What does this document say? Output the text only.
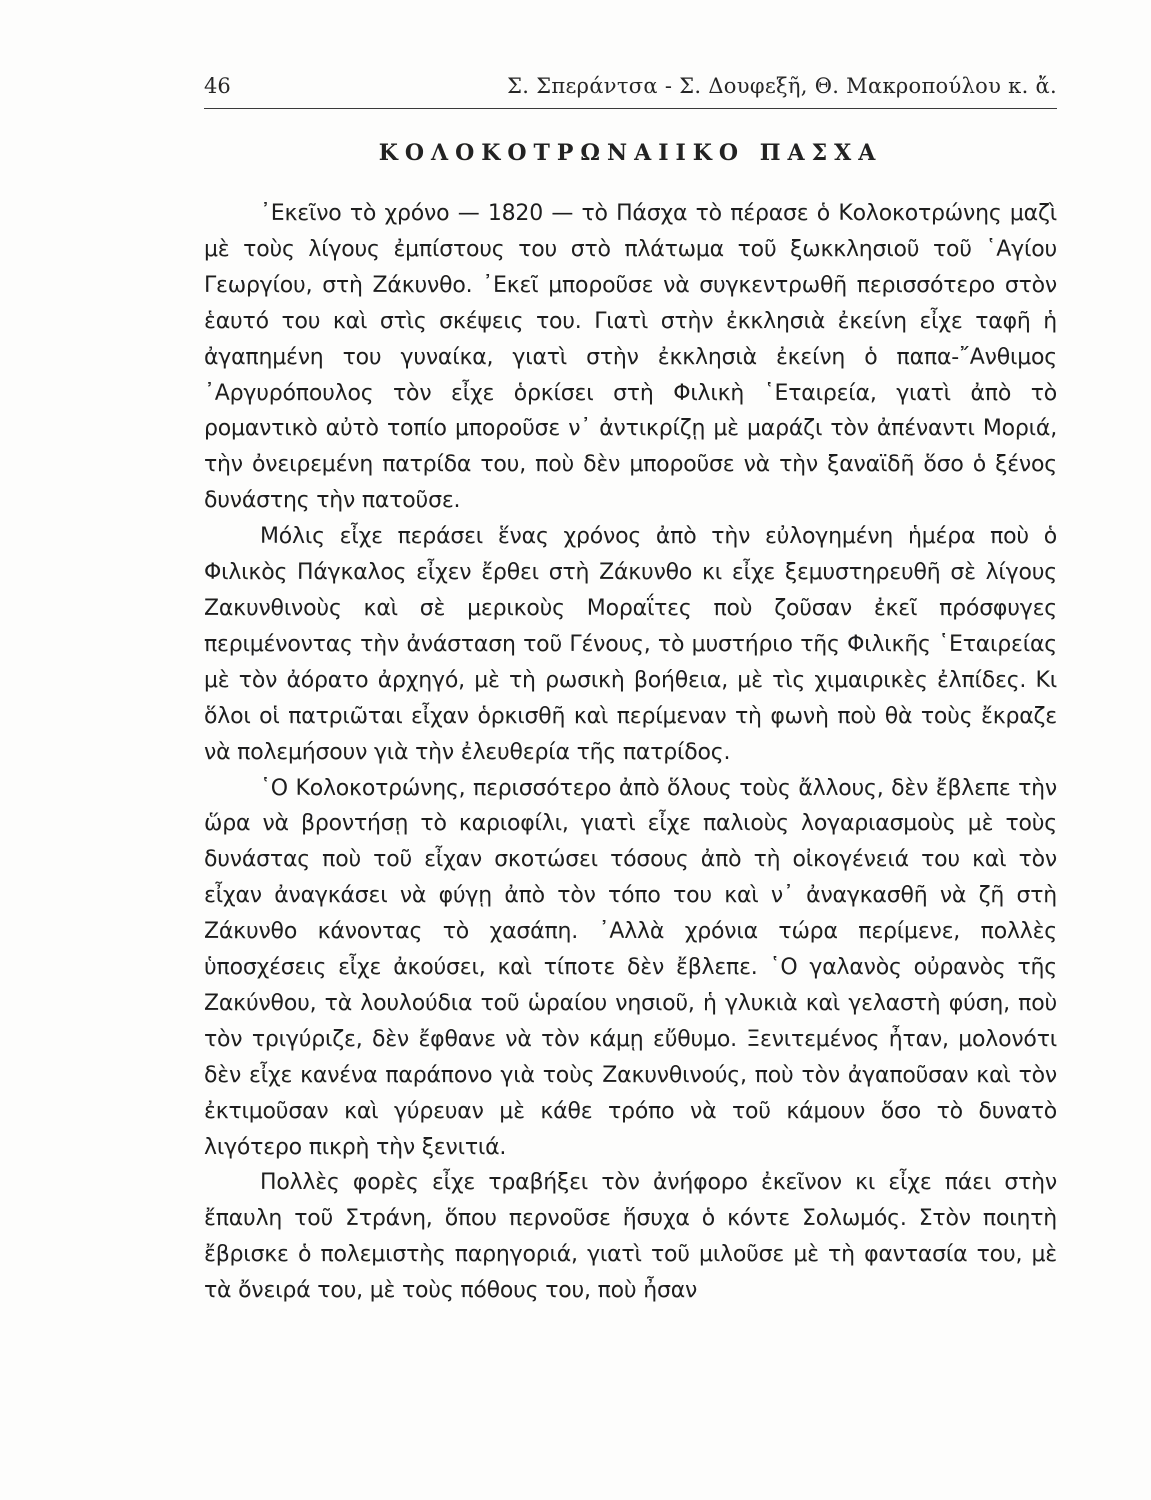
46	Σ. Σπεράντσα - Σ. Δουφεξῆ, Θ. Μακροπούλου κ. ἄ.
ΚΟΛΟΚΟΤΡΩΝΑΙΙΚΟ ΠΑΣΧΑ

᾿Εκεῖνο τὸ χρόνο — 1820 — τὸ Πάσχα τὸ πέρασε ὁ Κολοκοτρώνης μαζὶ μὲ τοὺς λίγους ἐμπίστους του στὸ πλάτωμα τοῦ ξωκκλησιοῦ τοῦ ῾Αγίου Γεωργίου, στὴ Ζάκυνθο. ᾿Εκεῖ μποροῦσε νὰ συγκεντρωθῆ περισσότερο στὸν ἑαυτό του καὶ στὶς σκέψεις του. Γιατὶ στὴν ἐκκλησιὰ ἐκείνη εἶχε ταφῆ ἡ ἀγαπημένη του γυναίκα, γιατὶ στὴν ἐκκλησιὰ ἐκείνη ὁ παπα-῎Ανθιμος ᾿Αργυρόπουλος τὸν εἶχε ὁρκίσει στὴ Φιλικὴ ῾Εταιρεία, γιατὶ ἀπὸ τὸ ρομαντικὸ αὐτὸ τοπίο μποροῦσε ν᾿ ἀντικρίζῃ μὲ μαράζι τὸν ἀπέναντι Μοριά, τὴν ὀνειρεμένη πατρίδα του, ποὺ δὲν μποροῦσε νὰ τὴν ξαναϊδῆ ὅσο ὁ ξένος δυνάστης τὴν πατοῦσε.

Μόλις εἶχε περάσει ἕνας χρόνος ἀπὸ τὴν εὐλογημένη ἡμέρα ποὺ ὁ Φιλικὸς Πάγκαλος εἶχεν ἔρθει στὴ Ζάκυνθο κι εἶχε ξεμυστηρευθῆ σὲ λίγους Ζακυνθινοὺς καὶ σὲ μερικοὺς Μοραΐτες ποὺ ζοῦσαν ἐκεῖ πρόσφυγες περιμένοντας τὴν ἀνάσταση τοῦ Γένους, τὸ μυστήριο τῆς Φιλικῆς ῾Εταιρείας μὲ τὸν ἀόρατο ἀρχηγό, μὲ τὴ ρωσικὴ βοήθεια, μὲ τὶς χιμαιρικὲς ἐλπίδες. Κι ὅλοι οἱ πατριῶται εἶχαν ὁρκισθῆ καὶ περίμεναν τὴ φωνὴ ποὺ θὰ τοὺς ἔκραζε νὰ πολεμήσουν γιὰ τὴν ἐλευθερία τῆς πατρίδος.

῾Ο Κολοκοτρώνης, περισσότερο ἀπὸ ὅλους τοὺς ἄλλους, δὲν ἔβλεπε τὴν ὥρα νὰ βροντήσῃ τὸ καριοφίλι, γιατὶ εἶχε παλιοὺς λογαριασμοὺς μὲ τοὺς δυνάστας ποὺ τοῦ εἶχαν σκοτώσει τόσους ἀπὸ τὴ οἰκογένειά του καὶ τὸν εἶχαν ἀναγκάσει νὰ φύγῃ ἀπὸ τὸν τόπο του καὶ ν᾿ ἀναγκασθῆ νὰ ζῆ στὴ Ζάκυνθο κάνοντας τὸ χασάπη. ᾿Αλλὰ χρόνια τώρα περίμενε, πολλὲς ὑποσχέσεις εἶχε ἀκούσει, καὶ τίποτε δὲν ἔβλεπε. ῾Ο γαλανὸς οὐρανὸς τῆς Ζακύνθου, τὰ λουλούδια τοῦ ὡραίου νησιοῦ, ἡ γλυκιὰ καὶ γελαστὴ φύση, ποὺ τὸν τριγύριζε, δὲν ἔφθανε νὰ τὸν κάμῃ εὔθυμο. Ξενιτεμένος ἦταν, μολονότι δὲν εἶχε κανένα παράπονο γιὰ τοὺς Ζακυνθινούς, ποὺ τὸν ἀγαποῦσαν καὶ τὸν ἐκτιμοῦσαν καὶ γύρευαν μὲ κάθε τρόπο νὰ τοῦ κάμουν ὅσο τὸ δυνατὸ λιγότερο πικρὴ τὴν ξενιτιά.

Πολλὲς φορὲς εἶχε τραβήξει τὸν ἀνήφορο ἐκεῖνον κι εἶχε πάει στὴν ἔπαυλη τοῦ Στράνη, ὅπου περνοῦσε ἥσυχα ὁ κόντε Σολωμός. Στὸν ποιητὴ ἔβρισκε ὁ πολεμιστὴς παρηγοριά, γιατὶ τοῦ μιλοῦσε μὲ τὴ φαντασία του, μὲ τὰ ὄνειρά του, μὲ τοὺς πόθους του, ποὺ ἦσαν
